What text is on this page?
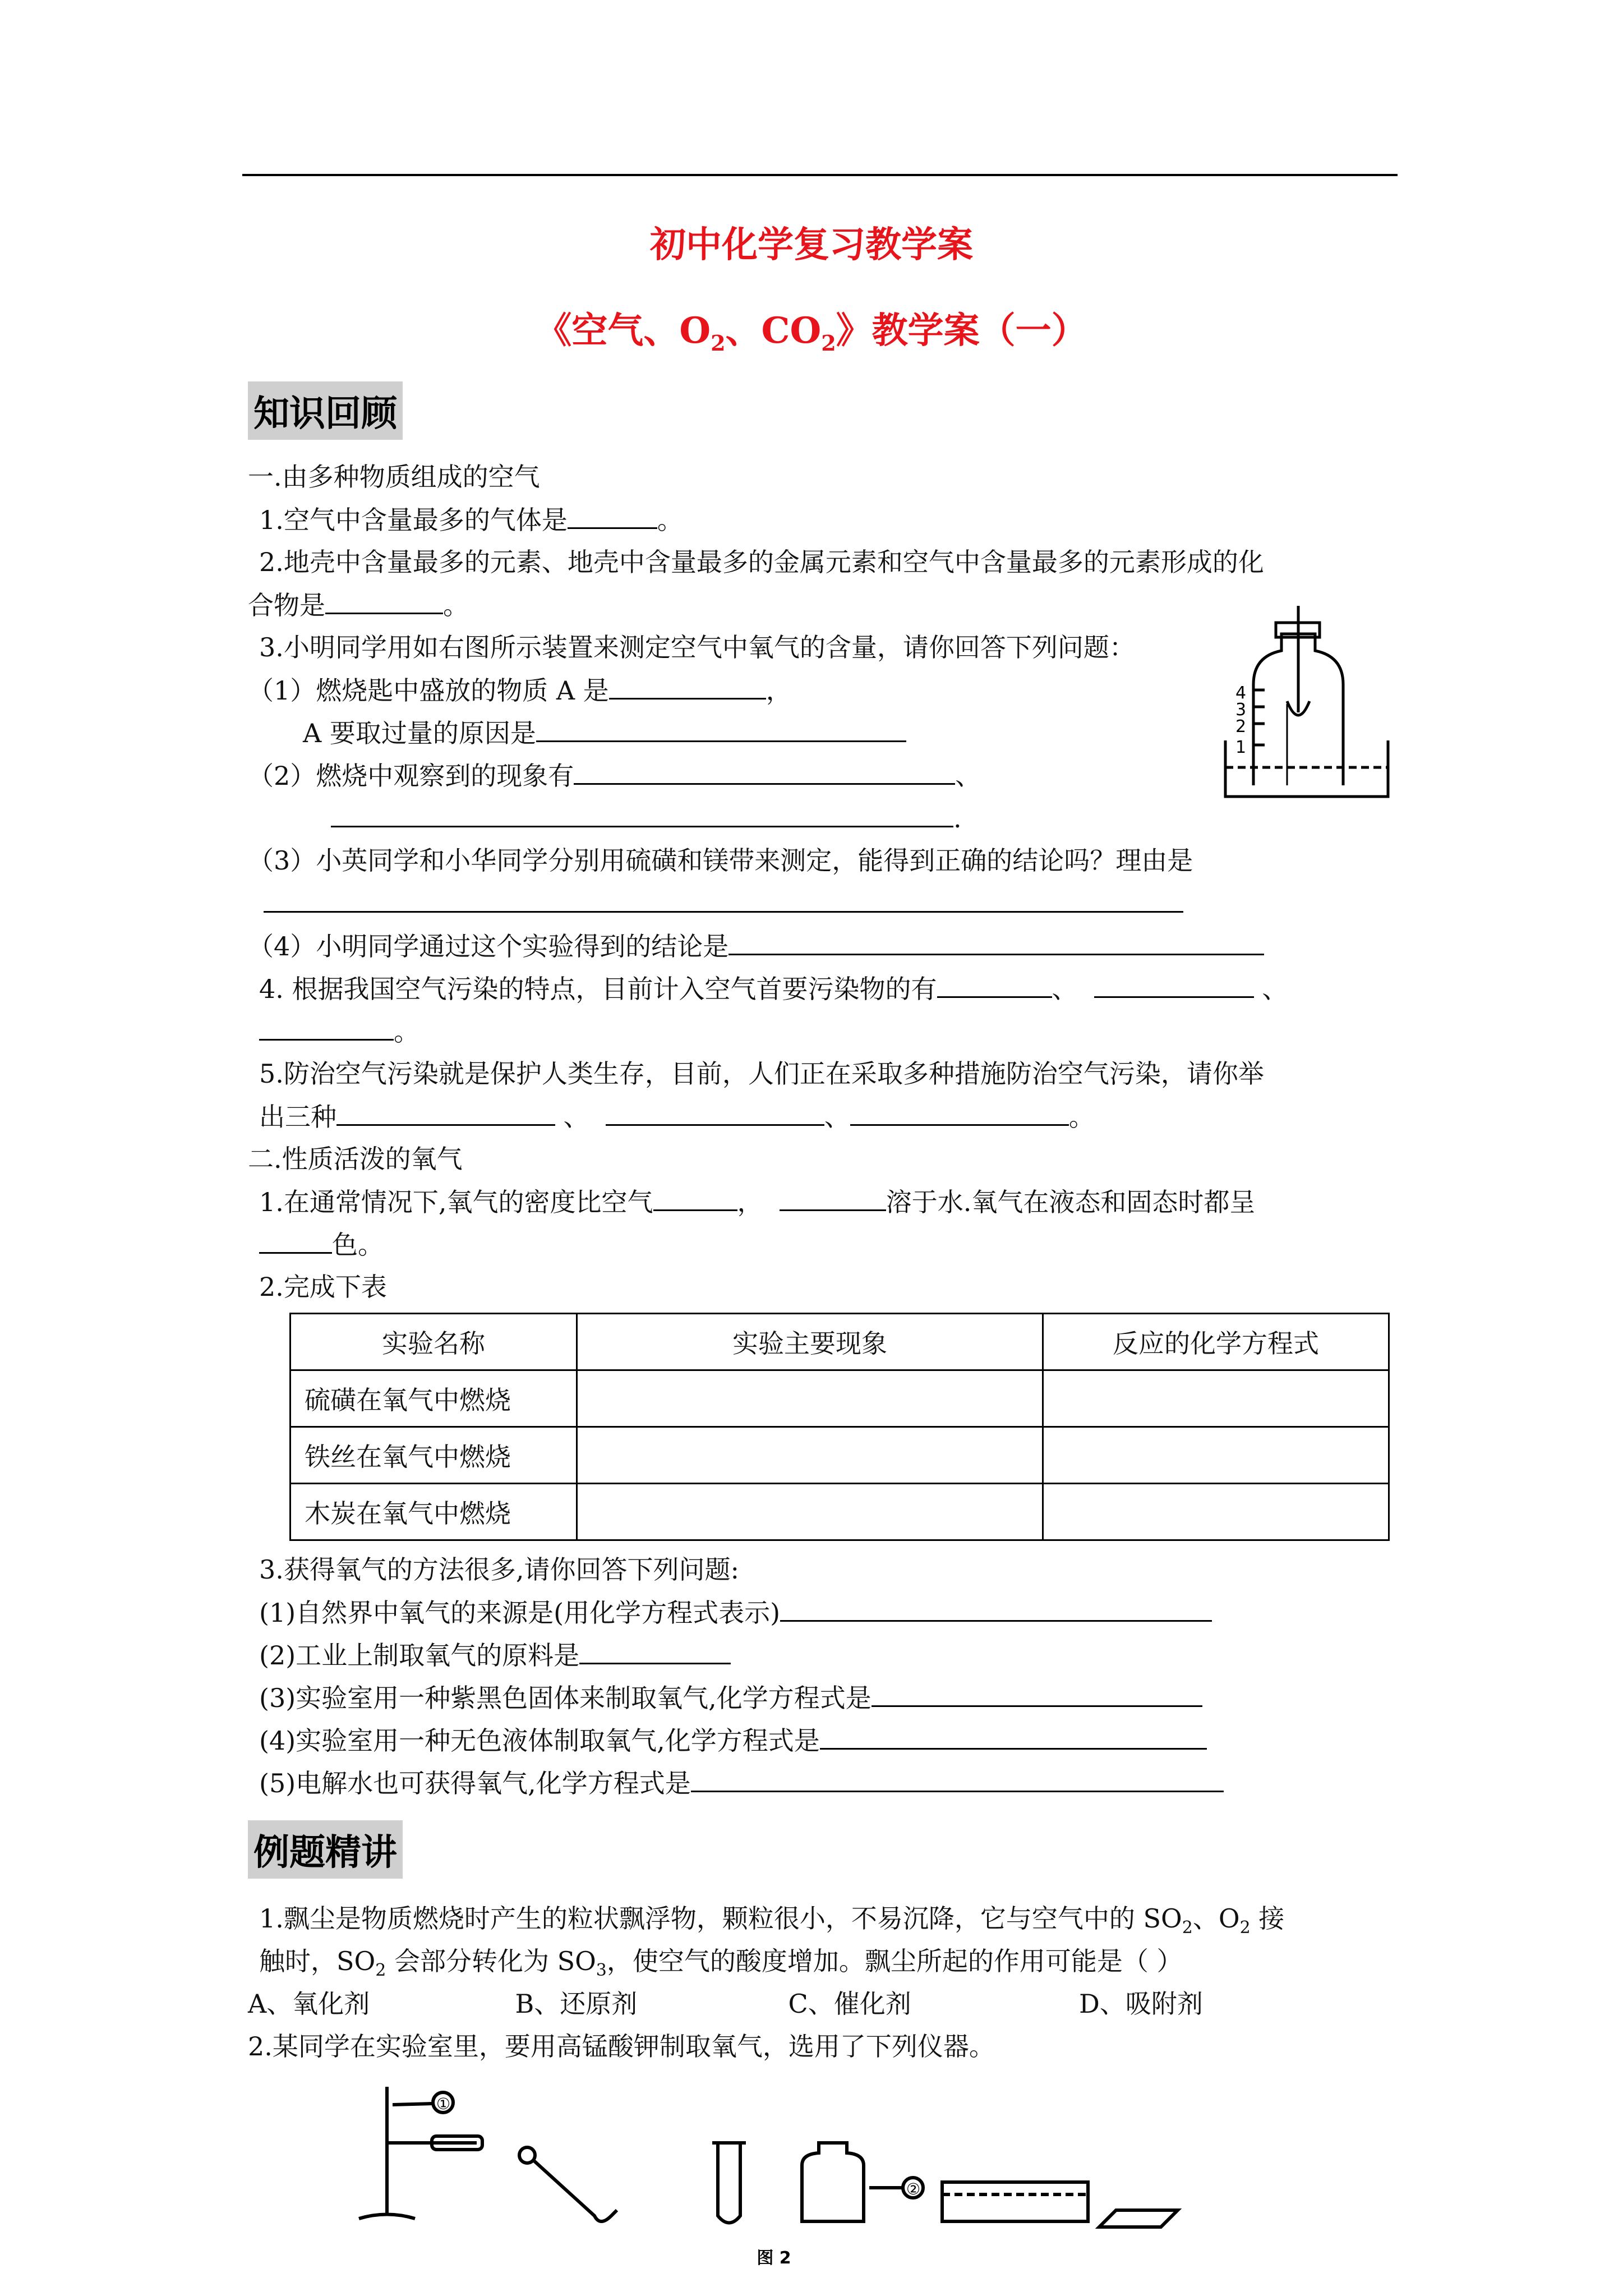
初中化学复习教学案
《空气、$O_2$、$CO_2$》教学案（一）
知识回顾
一.由多种物质组成的空气
1.空气中含量最多的气体是	。
2.地壳中含量最多的元素、地壳中含量最多的金属元素和空气中含量最多的元素形成的化
合物是	。
3.小明同学用如右图所示装置来测定空气中氧气的含量，请你回答下列问题：
（1）燃烧匙中盛放的物质 A 是	，
A 要取过量的原因是
（2）燃烧中观察到的现象有	、
.
（3）小英同学和小华同学分别用硫磺和镁带来测定，能得到正确的结论吗？理由是
（4）小明同学通过这个实验得到的结论是
4. 根据我国空气污染的特点，目前计入空气首要污染物的有	、	、
。
5.防治空气污染就是保护人类生存，目前，人们正在采取多种措施防治空气污染，请你举
出三种	、	、	。
二.性质活泼的氧气
1.在通常情况下,氧气的密度比空气	，	溶于水.氧气在液态和固态时都呈
色。
2.完成下表
实验名称	实验主要现象	反应的化学方程式
硫磺在氧气中燃烧		
铁丝在氧气中燃烧		
木炭在氧气中燃烧		
3.获得氧气的方法很多,请你回答下列问题:
(1)自然界中氧气的来源是(用化学方程式表示)
(2)工业上制取氧气的原料是
(3)实验室用一种紫黑色固体来制取氧气,化学方程式是
(4)实验室用一种无色液体制取氧气,化学方程式是
(5)电解水也可获得氧气,化学方程式是
例题精讲
1.飘尘是物质燃烧时产生的粒状飘浮物，颗粒很小，不易沉降，它与空气中的 $SO_2$、$O_2$ 接
触时，$SO_2$ 会部分转化为 $SO_3$，使空气的酸度增加。飘尘所起的作用可能是（ ）
A、氧化剂	B、还原剂	C、催化剂	D、吸附剂
2.某同学在实验室里，要用高锰酸钾制取氧气，选用了下列仪器。
4
3
2
1
①
②
图 2
